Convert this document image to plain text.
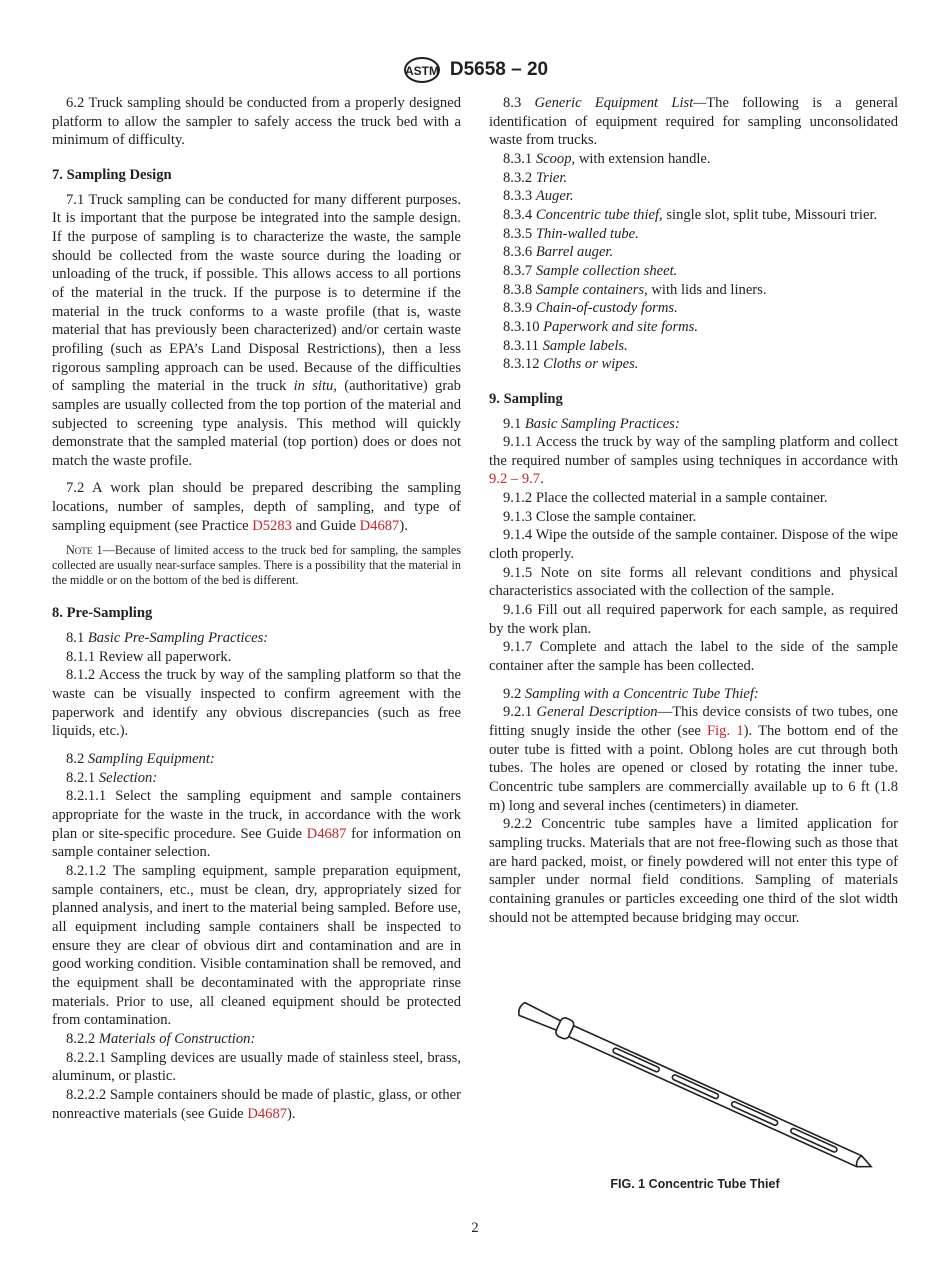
ASTM D5658 – 20

6.2 Truck sampling should be conducted from a properly designed platform to allow the sampler to safely access the truck bed with a minimum of difficulty.

7. Sampling Design

7.1 Truck sampling can be conducted for many different purposes. It is important that the purpose be integrated into the sample design. If the purpose of sampling is to characterize the waste, the sample should be collected from the waste source during the loading or unloading of the truck, if possible. This allows access to all portions of the material in the truck. If the purpose is to determine if the material in the truck conforms to a waste profile (that is, waste material that has previously been characterized) and/or certain waste profiling (such as EPA’s Land Disposal Restrictions), then a less rigorous sampling approach can be used. Because of the difficulties of sampling the material in the truck in situ, (authoritative) grab samples are usually collected from the top portion of the material and subjected to screening type analysis. This method will quickly demonstrate that the sampled material (top portion) does or does not match the waste profile.

7.2 A work plan should be prepared describing the sampling locations, number of samples, depth of sampling, and type of sampling equipment (see Practice D5283 and Guide D4687).

Note 1—Because of limited access to the truck bed for sampling, the samples collected are usually near-surface samples. There is a possibility that the material in the middle or on the bottom of the bed is different.

8. Pre-Sampling

8.1 Basic Pre-Sampling Practices:

8.1.1 Review all paperwork.

8.1.2 Access the truck by way of the sampling platform so that the waste can be visually inspected to confirm agreement with the paperwork and identify any obvious discrepancies (such as free liquids, etc.).

8.2 Sampling Equipment:

8.2.1 Selection:

8.2.1.1 Select the sampling equipment and sample containers appropriate for the waste in the truck, in accordance with the work plan or site-specific procedure. See Guide D4687 for information on sample container selection.

8.2.1.2 The sampling equipment, sample preparation equipment, sample containers, etc., must be clean, dry, appropriately sized for planned analysis, and inert to the material being sampled. Before use, all equipment including sample containers shall be inspected to ensure they are clear of obvious dirt and contamination and are in good working condition. Visible contamination shall be removed, and the equipment shall be decontaminated with the appropriate rinse materials. Prior to use, all cleaned equipment should be protected from contamination.

8.2.2 Materials of Construction:

8.2.2.1 Sampling devices are usually made of stainless steel, brass, aluminum, or plastic.

8.2.2.2 Sample containers should be made of plastic, glass, or other nonreactive materials (see Guide D4687).

8.3 Generic Equipment List—The following is a general identification of equipment required for sampling unconsolidated waste from trucks.

8.3.1 Scoop, with extension handle.

8.3.2 Trier.

8.3.3 Auger.

8.3.4 Concentric tube thief, single slot, split tube, Missouri trier.

8.3.5 Thin-walled tube.

8.3.6 Barrel auger.

8.3.7 Sample collection sheet.

8.3.8 Sample containers, with lids and liners.

8.3.9 Chain-of-custody forms.

8.3.10 Paperwork and site forms.

8.3.11 Sample labels.

8.3.12 Cloths or wipes.

9. Sampling

9.1 Basic Sampling Practices:

9.1.1 Access the truck by way of the sampling platform and collect the required number of samples using techniques in accordance with 9.2 – 9.7.

9.1.2 Place the collected material in a sample container.

9.1.3 Close the sample container.

9.1.4 Wipe the outside of the sample container. Dispose of the wipe cloth properly.

9.1.5 Note on site forms all relevant conditions and physical characteristics associated with the collection of the sample.

9.1.6 Fill out all required paperwork for each sample, as required by the work plan.

9.1.7 Complete and attach the label to the side of the sample container after the sample has been collected.

9.2 Sampling with a Concentric Tube Thief:

9.2.1 General Description—This device consists of two tubes, one fitting snugly inside the other (see Fig. 1). The bottom end of the outer tube is fitted with a point. Oblong holes are cut through both tubes. The holes are opened or closed by rotating the inner tube. Concentric tube samplers are commercially available up to 6 ft (1.8 m) long and several inches (centimeters) in diameter.

9.2.2 Concentric tube samples have a limited application for sampling trucks. Materials that are not free-flowing such as those that are hard packed, moist, or finely powdered will not enter this type of sampler under normal field conditions. Sampling of materials containing granules or particles exceeding one third of the slot width should not be attempted because bridging may occur.

FIG. 1 Concentric Tube Thief
2
